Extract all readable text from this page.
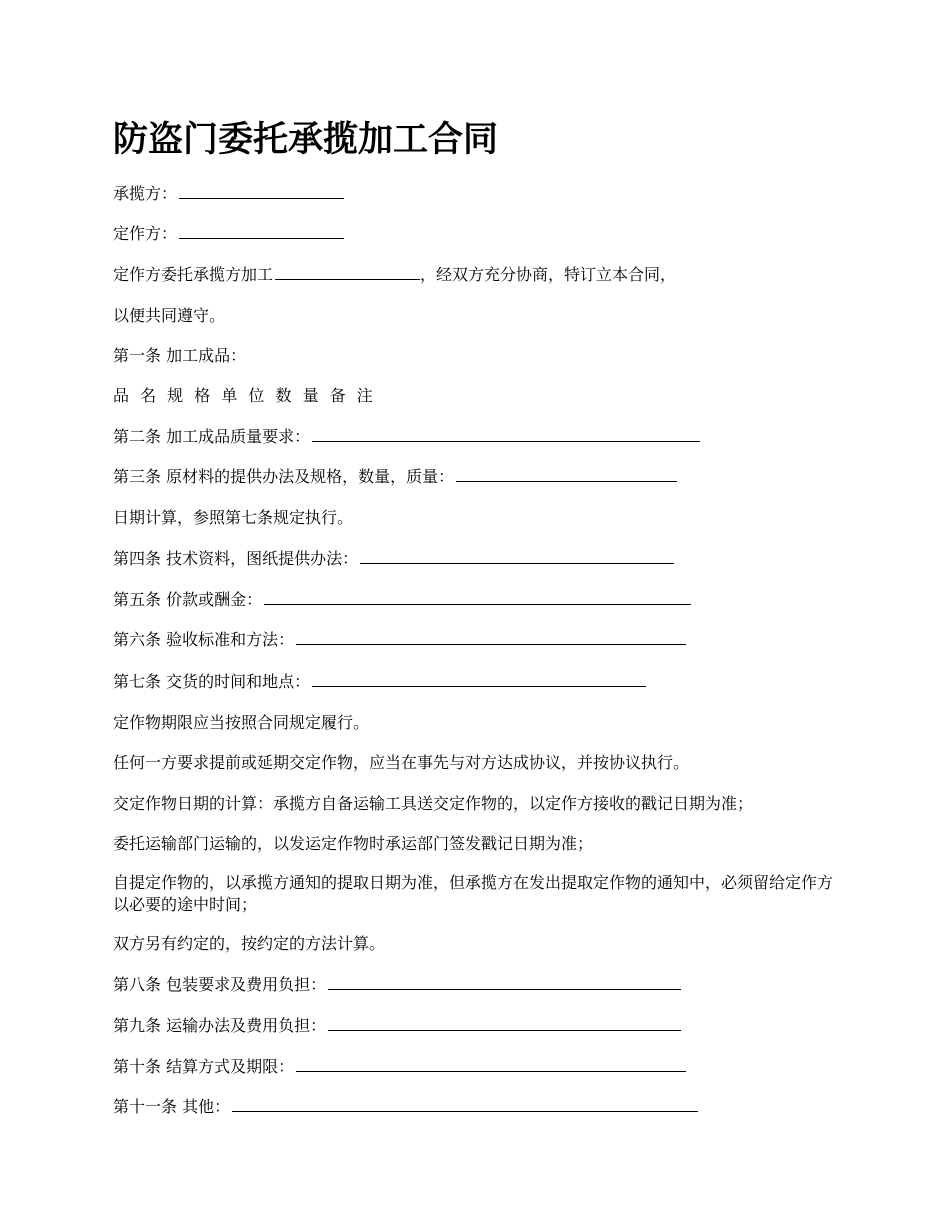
防盗门委托承揽加工合同
承揽方：
定作方：
定作方委托承揽方加工	，经双方充分协商，特订立本合同，
以便共同遵守。
第一条 加工成品：
品 名 规 格 单 位 数 量 备 注
第二条 加工成品质量要求：
第三条 原材料的提供办法及规格，数量，质量：
日期计算，参照第七条规定执行。
第四条 技术资料，图纸提供办法：
第五条 价款或酬金：
第六条 验收标准和方法：
第七条 交货的时间和地点：
定作物期限应当按照合同规定履行。
任何一方要求提前或延期交定作物，应当在事先与对方达成协议，并按协议执行。
交定作物日期的计算：承揽方自备运输工具送交定作物的，以定作方接收的戳记日期为准；
委托运输部门运输的，以发运定作物时承运部门签发戳记日期为准；
自提定作物的，以承揽方通知的提取日期为准，但承揽方在发出提取定作物的通知中，必须留给定作方以必要的途中时间；
双方另有约定的，按约定的方法计算。
第八条 包装要求及费用负担：
第九条 运输办法及费用负担：
第十条 结算方式及期限：
第十一条 其他：
